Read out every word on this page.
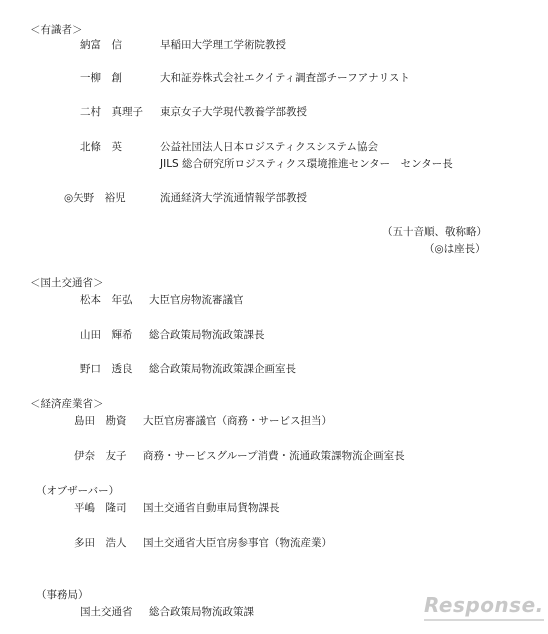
＜有識者＞
納富　信	早稲田大学理工学術院教授
一柳　創	大和証券株式会社エクイティ調査部チーフアナリスト
二村　真理子 東京女子大学現代教養学部教授
北條　英	公益社団法人日本ロジスティクスシステム協会
JILS 総合研究所ロジスティクス環境推進センター　センター長
◎矢野　裕児	流通経済大学流通情報学部教授
（五十音順、敬称略）
（◎は座長）
＜国土交通省＞
松本　年弘 大臣官房物流審議官
山田　輝希 総合政策局物流政策課長
野口　透良 総合政策局物流政策課企画室長
＜経済産業省＞
島田　勘資 大臣官房審議官（商務・サービス担当）
伊奈　友子 商務・サービスグループ消費・流通政策課物流企画室長
（オブザーバー）
平嶋　隆司 国土交通省自動車局貨物課長
多田　浩人 国土交通省大臣官房参事官（物流産業）
（事務局）
国土交通省 総合政策局物流政策課	Response.
